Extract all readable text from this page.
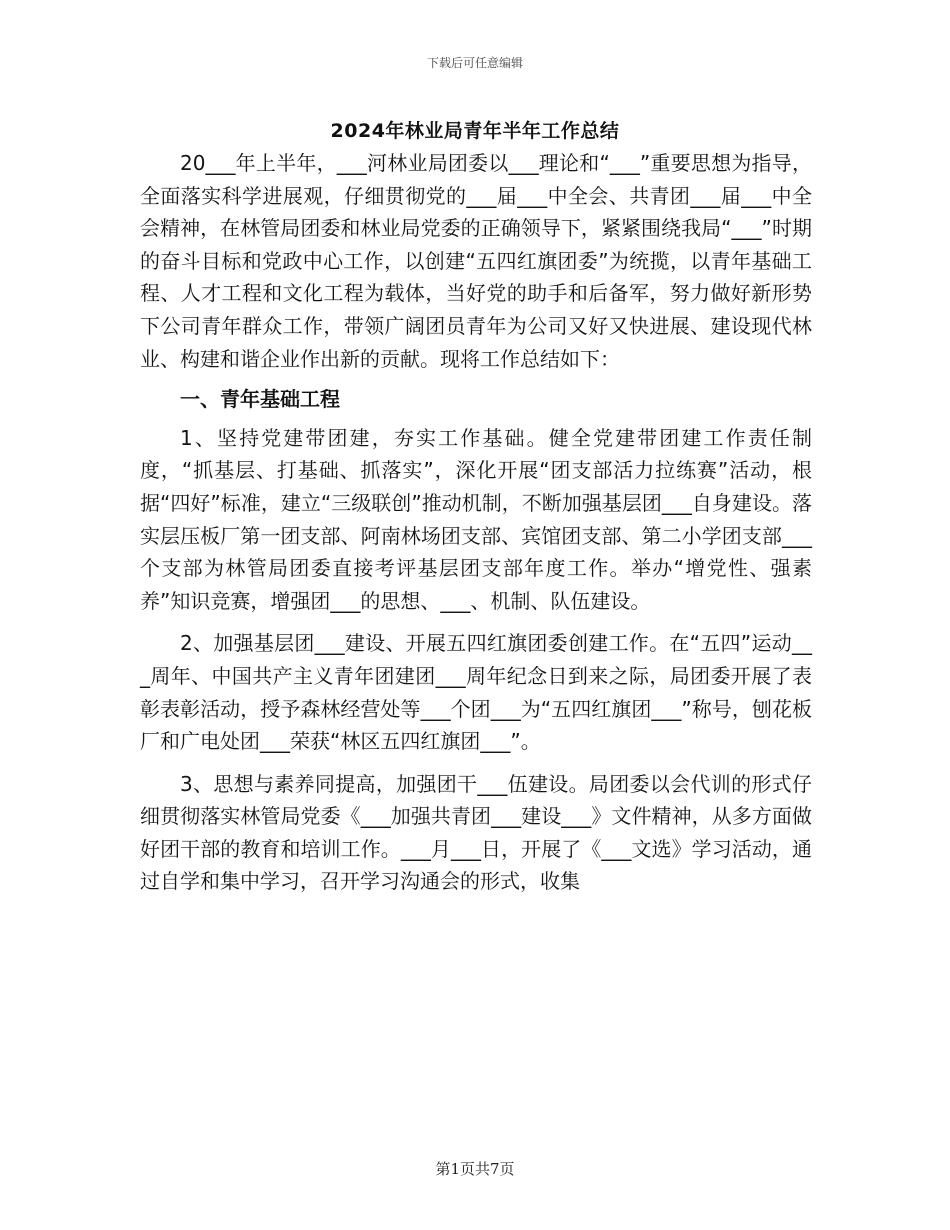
下载后可任意编辑
2024年林业局青年半年工作总结

20___年上半年，___河林业局团委以___理论和“___”重要思想为指导，全面落实科学进展观，仔细贯彻党的___届___中全会、共青团___届___中全会精神，在林管局团委和林业局党委的正确领导下，紧紧围绕我局“___”时期的奋斗目标和党政中心工作，以创建“五四红旗团委”为统揽，以青年基础工程、人才工程和文化工程为载体，当好党的助手和后备军，努力做好新形势下公司青年群众工作，带领广阔团员青年为公司又好又快进展、建设现代林业、构建和谐企业作出新的贡献。现将工作总结如下：

一、青年基础工程

1、坚持党建带团建，夯实工作基础。健全党建带团建工作责任制度，“抓基层、打基础、抓落实”，深化开展“团支部活力拉练赛”活动，根据“四好”标准，建立“三级联创”推动机制，不断加强基层团___自身建设。落实层压板厂第一团支部、阿南林场团支部、宾馆团支部、第二小学团支部___个支部为林管局团委直接考评基层团支部年度工作。举办“增党性、强素养”知识竞赛，增强团___的思想、___、机制、队伍建设。

2、加强基层团___建设、开展五四红旗团委创建工作。在“五四”运动___周年、中国共产主义青年团建团___周年纪念日到来之际，局团委开展了表彰表彰活动，授予森林经营处等___个团___为“五四红旗团___”称号，刨花板厂和广电处团___荣获“林区五四红旗团___”。

3、思想与素养同提高，加强团干___伍建设。局团委以会代训的形式仔细贯彻落实林管局党委《___加强共青团___建设___》文件精神，从多方面做好团干部的教育和培训工作。___月___日，开展了《___文选》学习活动，通过自学和集中学习，召开学习沟通会的形式，收集

第1页共7页
